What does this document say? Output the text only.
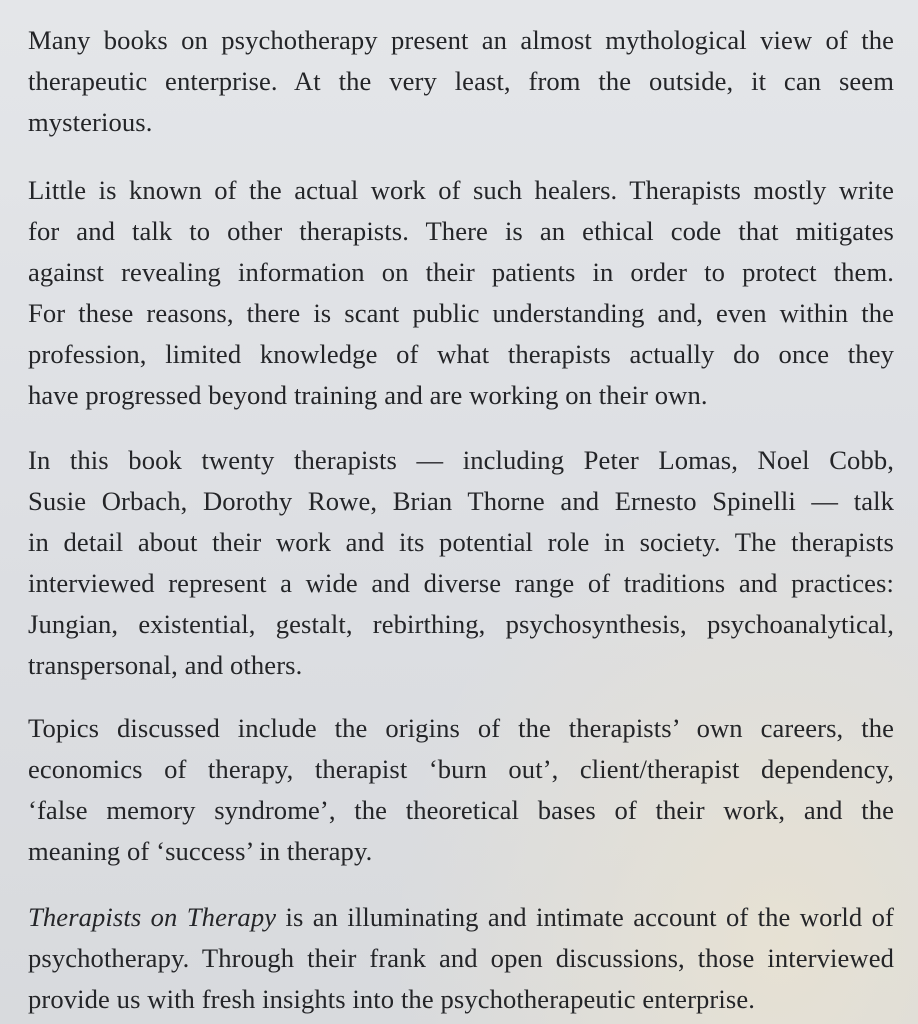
Many books on psychotherapy present an almost mythological view of the
therapeutic enterprise. At the very least, from the outside, it can seem
mysterious.

Little is known of the actual work of such healers. Therapists mostly write
for and talk to other therapists. There is an ethical code that mitigates
against revealing information on their patients in order to protect them.
For these reasons, there is scant public understanding and, even within the
profession, limited knowledge of what therapists actually do once they
have progressed beyond training and are working on their own.

In this book twenty therapists — including Peter Lomas, Noel Cobb,
Susie Orbach, Dorothy Rowe, Brian Thorne and Ernesto Spinelli — talk
in detail about their work and its potential role in society. The therapists
interviewed represent a wide and diverse range of traditions and practices:
Jungian, existential, gestalt, rebirthing, psychosynthesis, psychoanalytical,
transpersonal, and others.

Topics discussed include the origins of the therapists’ own careers, the
economics of therapy, therapist ‘burn out’, client/therapist dependency,
‘false memory syndrome’, the theoretical bases of their work, and the
meaning of ‘success’ in therapy.

Therapists on Therapy is an illuminating and intimate account of the world of
psychotherapy. Through their frank and open discussions, those interviewed
provide us with fresh insights into the psychotherapeutic enterprise.
